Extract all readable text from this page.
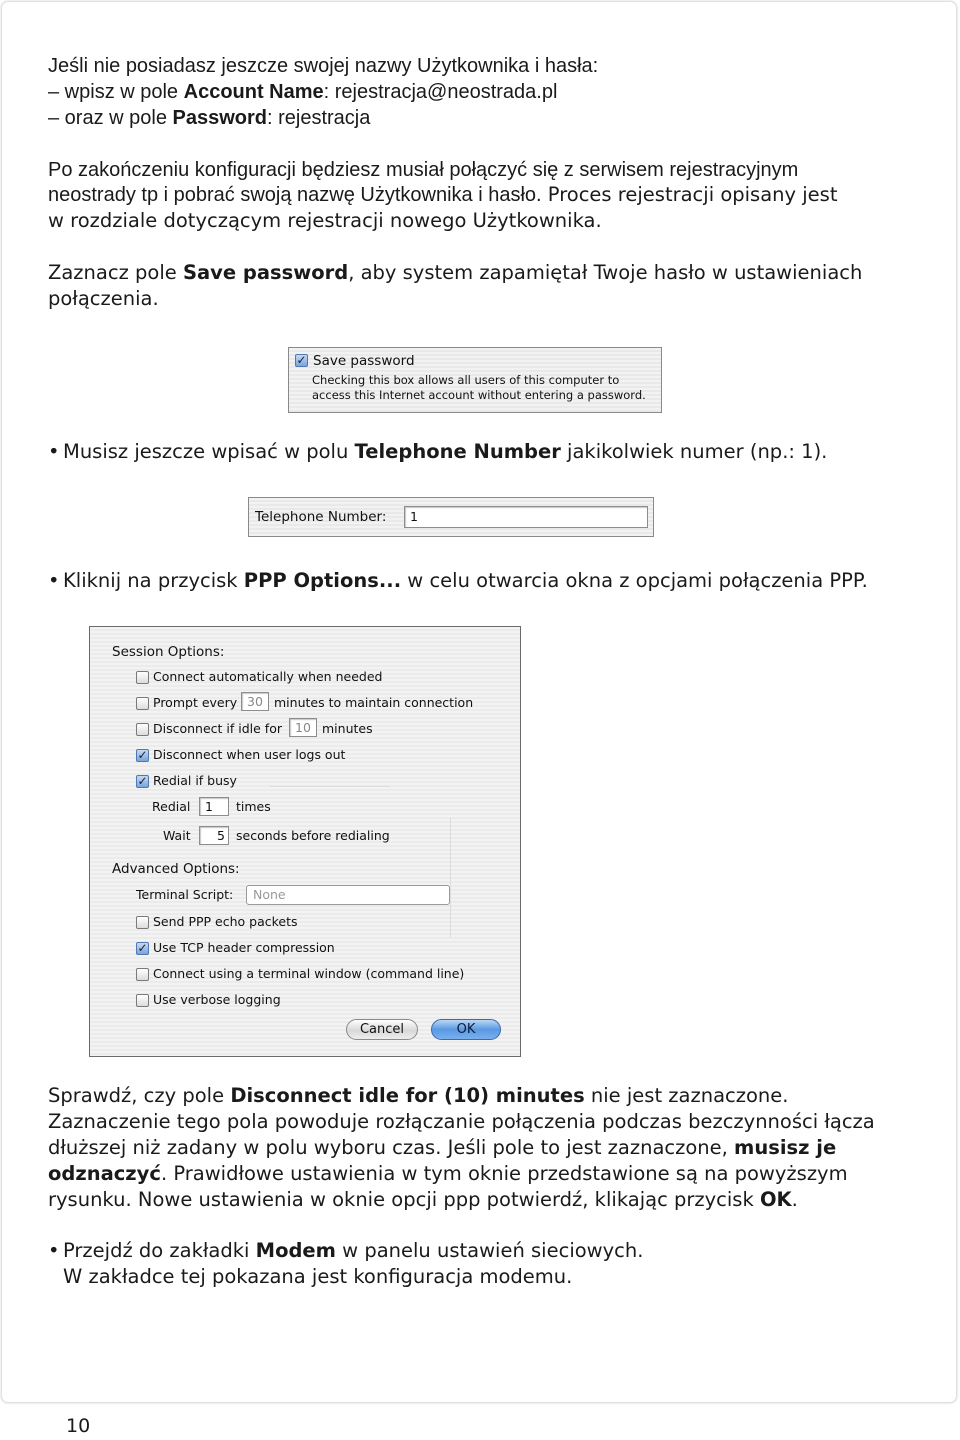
Jeśli nie posiadasz jeszcze swojej nazwy Użytkownika i hasła:
– wpisz w pole Account Name: rejestracja@neostrada.pl
– oraz w pole Password: rejestracja
Po zakończeniu konfiguracji będziesz musiał połączyć się z serwisem rejestracyjnym
neostrady tp i pobrać swoją nazwę Użytkownika i hasło. Proces rejestracji opisany jest
w rozdziale dotyczącym rejestracji nowego Użytkownika.
Zaznacz pole Save password, aby system zapamiętał Twoje hasło w ustawieniach
połączenia.
✓ Save password
Checking this box allows all users of this computer to
access this Internet account without entering a password.
• Musisz jeszcze wpisać w polu Telephone Number jakikolwiek numer (np.: 1).
Telephone Number:	1
• Kliknij na przycisk PPP Options... w celu otwarcia okna z opcjami połączenia PPP.
Session Options:
Connect automatically when needed
Prompt every 30 minutes to maintain connection
Disconnect if idle for	10 minutes
✓ Disconnect when user logs out
✓ Redial if busy
Redial	1	times
Wait	5 seconds before redialing
Advanced Options:
Terminal Script:	None
Send PPP echo packets
✓ Use TCP header compression
Connect using a terminal window (command line)
Use verbose logging
Cancel	OK
Sprawdź, czy pole Disconnect idle for (10) minutes nie jest zaznaczone.
Zaznaczenie tego pola powoduje rozłączanie połączenia podczas bezczynności łącza
dłuższej niż zadany w polu wyboru czas. Jeśli pole to jest zaznaczone, musisz je
odznaczyć. Prawidłowe ustawienia w tym oknie przedstawione są na powyższym
rysunku. Nowe ustawienia w oknie opcji ppp potwierdź, klikając przycisk OK.
• Przejdź do zakładki Modem w panelu ustawień sieciowych.
W zakładce tej pokazana jest konfiguracja modemu.
10
